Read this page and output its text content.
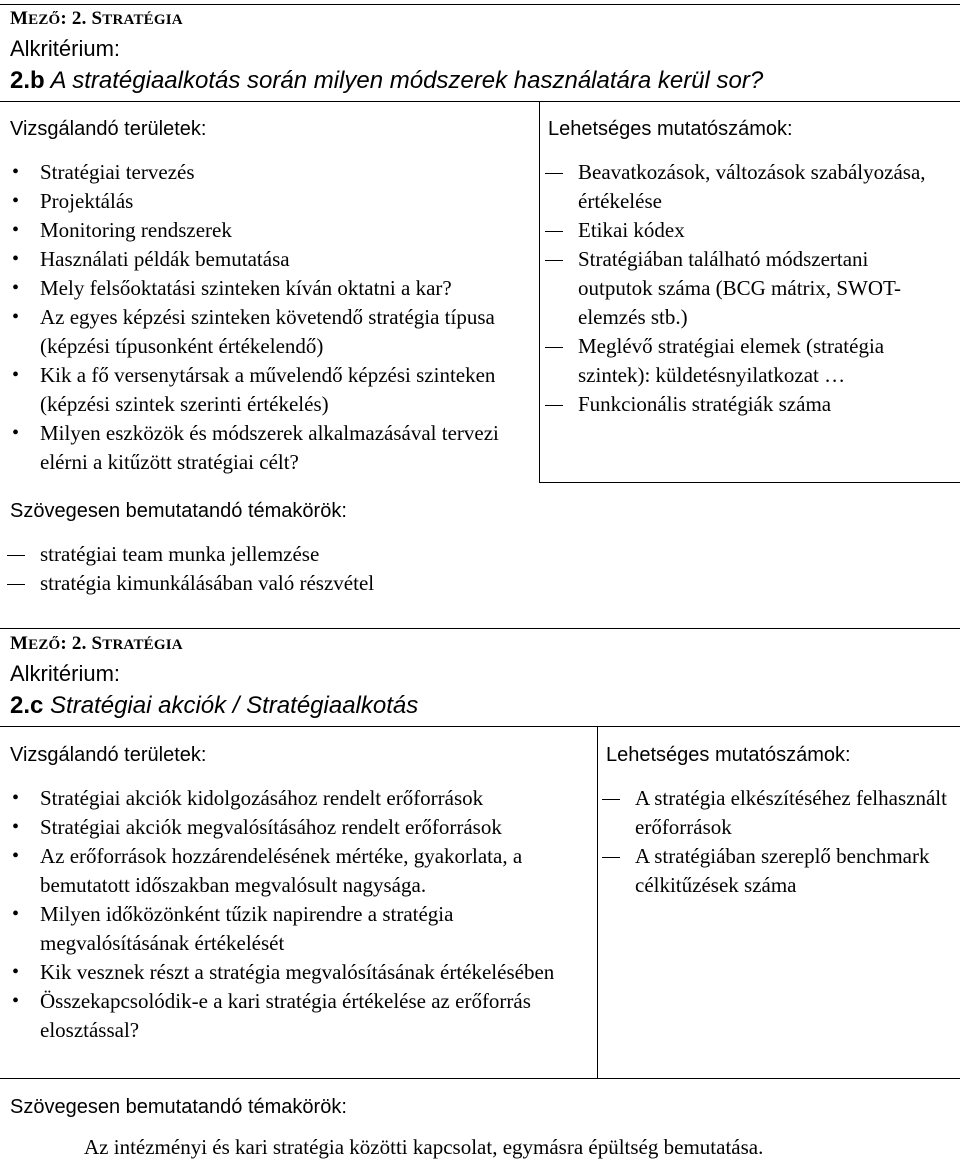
MEZŐ: 2. STRATÉGIA
Alkritérium:
2.b A stratégiaalkotás során milyen módszerek használatára kerül sor?
Vizsgálandó területek:
• Stratégiai tervezés
• Projektálás
• Monitoring rendszerek
• Használati példák bemutatása
• Mely felsőoktatási szinteken kíván oktatni a kar?
• Az egyes képzési szinteken követendő stratégia típusa (képzési típusonként értékelendő)
• Kik a fő versenytársak a művelendő képzési szinteken (képzési szintek szerinti értékelés)
• Milyen eszközök és módszerek alkalmazásával tervezi elérni a kitűzött stratégiai célt?
Lehetséges mutatószámok:
Beavatkozások, változások szabályozása, értékelése
Etikai kódex
Stratégiában található módszertani outputok száma (BCG mátrix, SWOT-elemzés stb.)
Meglévő stratégiai elemek (stratégia szintek): küldetésnyilatkozat …
Funkcionális stratégiák száma
Szövegesen bemutatandó témakörök:
stratégiai team munka jellemzése
stratégia kimunkálásában való részvétel
MEZŐ: 2. STRATÉGIA
Alkritérium:
2.c Stratégiai akciók / Stratégiaalkotás
Vizsgálandó területek:
• Stratégiai akciók kidolgozásához rendelt erőforrások
• Stratégiai akciók megvalósításához rendelt erőforrások
• Az erőforrások hozzárendelésének mértéke, gyakorlata, a bemutatott időszakban megvalósult nagysága.
• Milyen időközönként tűzik napirendre a stratégia megvalósításának értékelését
• Kik vesznek részt a stratégia megvalósításának értékelésében
• Összekapcsolódik-e a kari stratégia értékelése az erőforrás elosztással?
Lehetséges mutatószámok:
A stratégia elkészítéséhez felhasznált erőforrások
A stratégiában szereplő benchmark célkitűzések száma
Szövegesen bemutatandó témakörök:
Az intézményi és kari stratégia közötti kapcsolat, egymásra épültség bemutatása.
